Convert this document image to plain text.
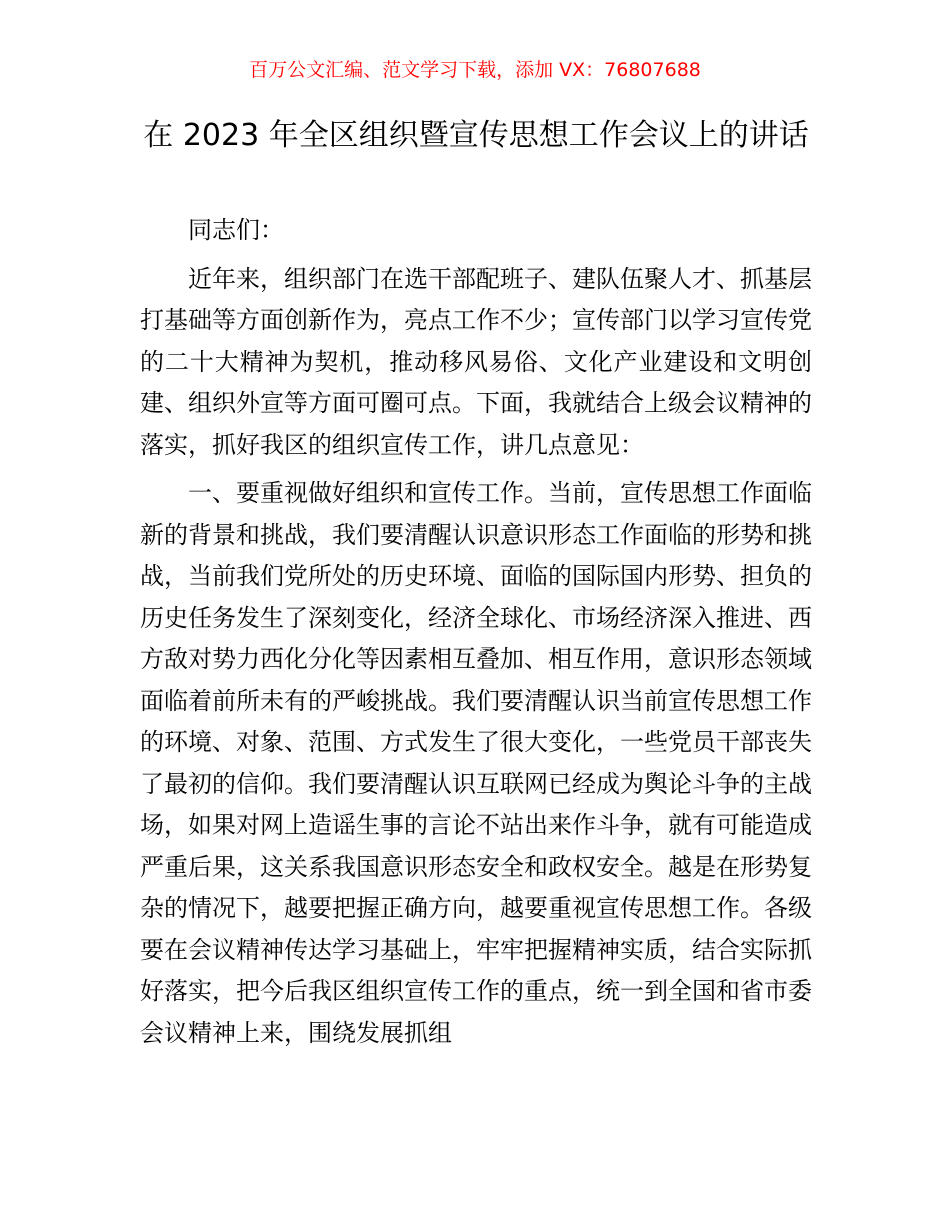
百万公文汇编、范文学习下载，添加 VX：76807688
在 2023 年全区组织暨宣传思想工作会议上的讲话

同志们：

近年来，组织部门在选干部配班子、建队伍聚人才、抓基层打基础等方面创新作为，亮点工作不少；宣传部门以学习宣传党的二十大精神为契机，推动移风易俗、文化产业建设和文明创建、组织外宣等方面可圈可点。下面，我就结合上级会议精神的落实，抓好我区的组织宣传工作，讲几点意见：

一、要重视做好组织和宣传工作。当前，宣传思想工作面临新的背景和挑战，我们要清醒认识意识形态工作面临的形势和挑战，当前我们党所处的历史环境、面临的国际国内形势、担负的历史任务发生了深刻变化，经济全球化、市场经济深入推进、西方敌对势力西化分化等因素相互叠加、相互作用，意识形态领域面临着前所未有的严峻挑战。我们要清醒认识当前宣传思想工作的环境、对象、范围、方式发生了很大变化，一些党员干部丧失了最初的信仰。我们要清醒认识互联网已经成为舆论斗争的主战场，如果对网上造谣生事的言论不站出来作斗争，就有可能造成严重后果，这关系我国意识形态安全和政权安全。越是在形势复杂的情况下，越要把握正确方向，越要重视宣传思想工作。各级要在会议精神传达学习基础上，牢牢把握精神实质，结合实际抓好落实，把今后我区组织宣传工作的重点，统一到全国和省市委会议精神上来，围绕发展抓组
